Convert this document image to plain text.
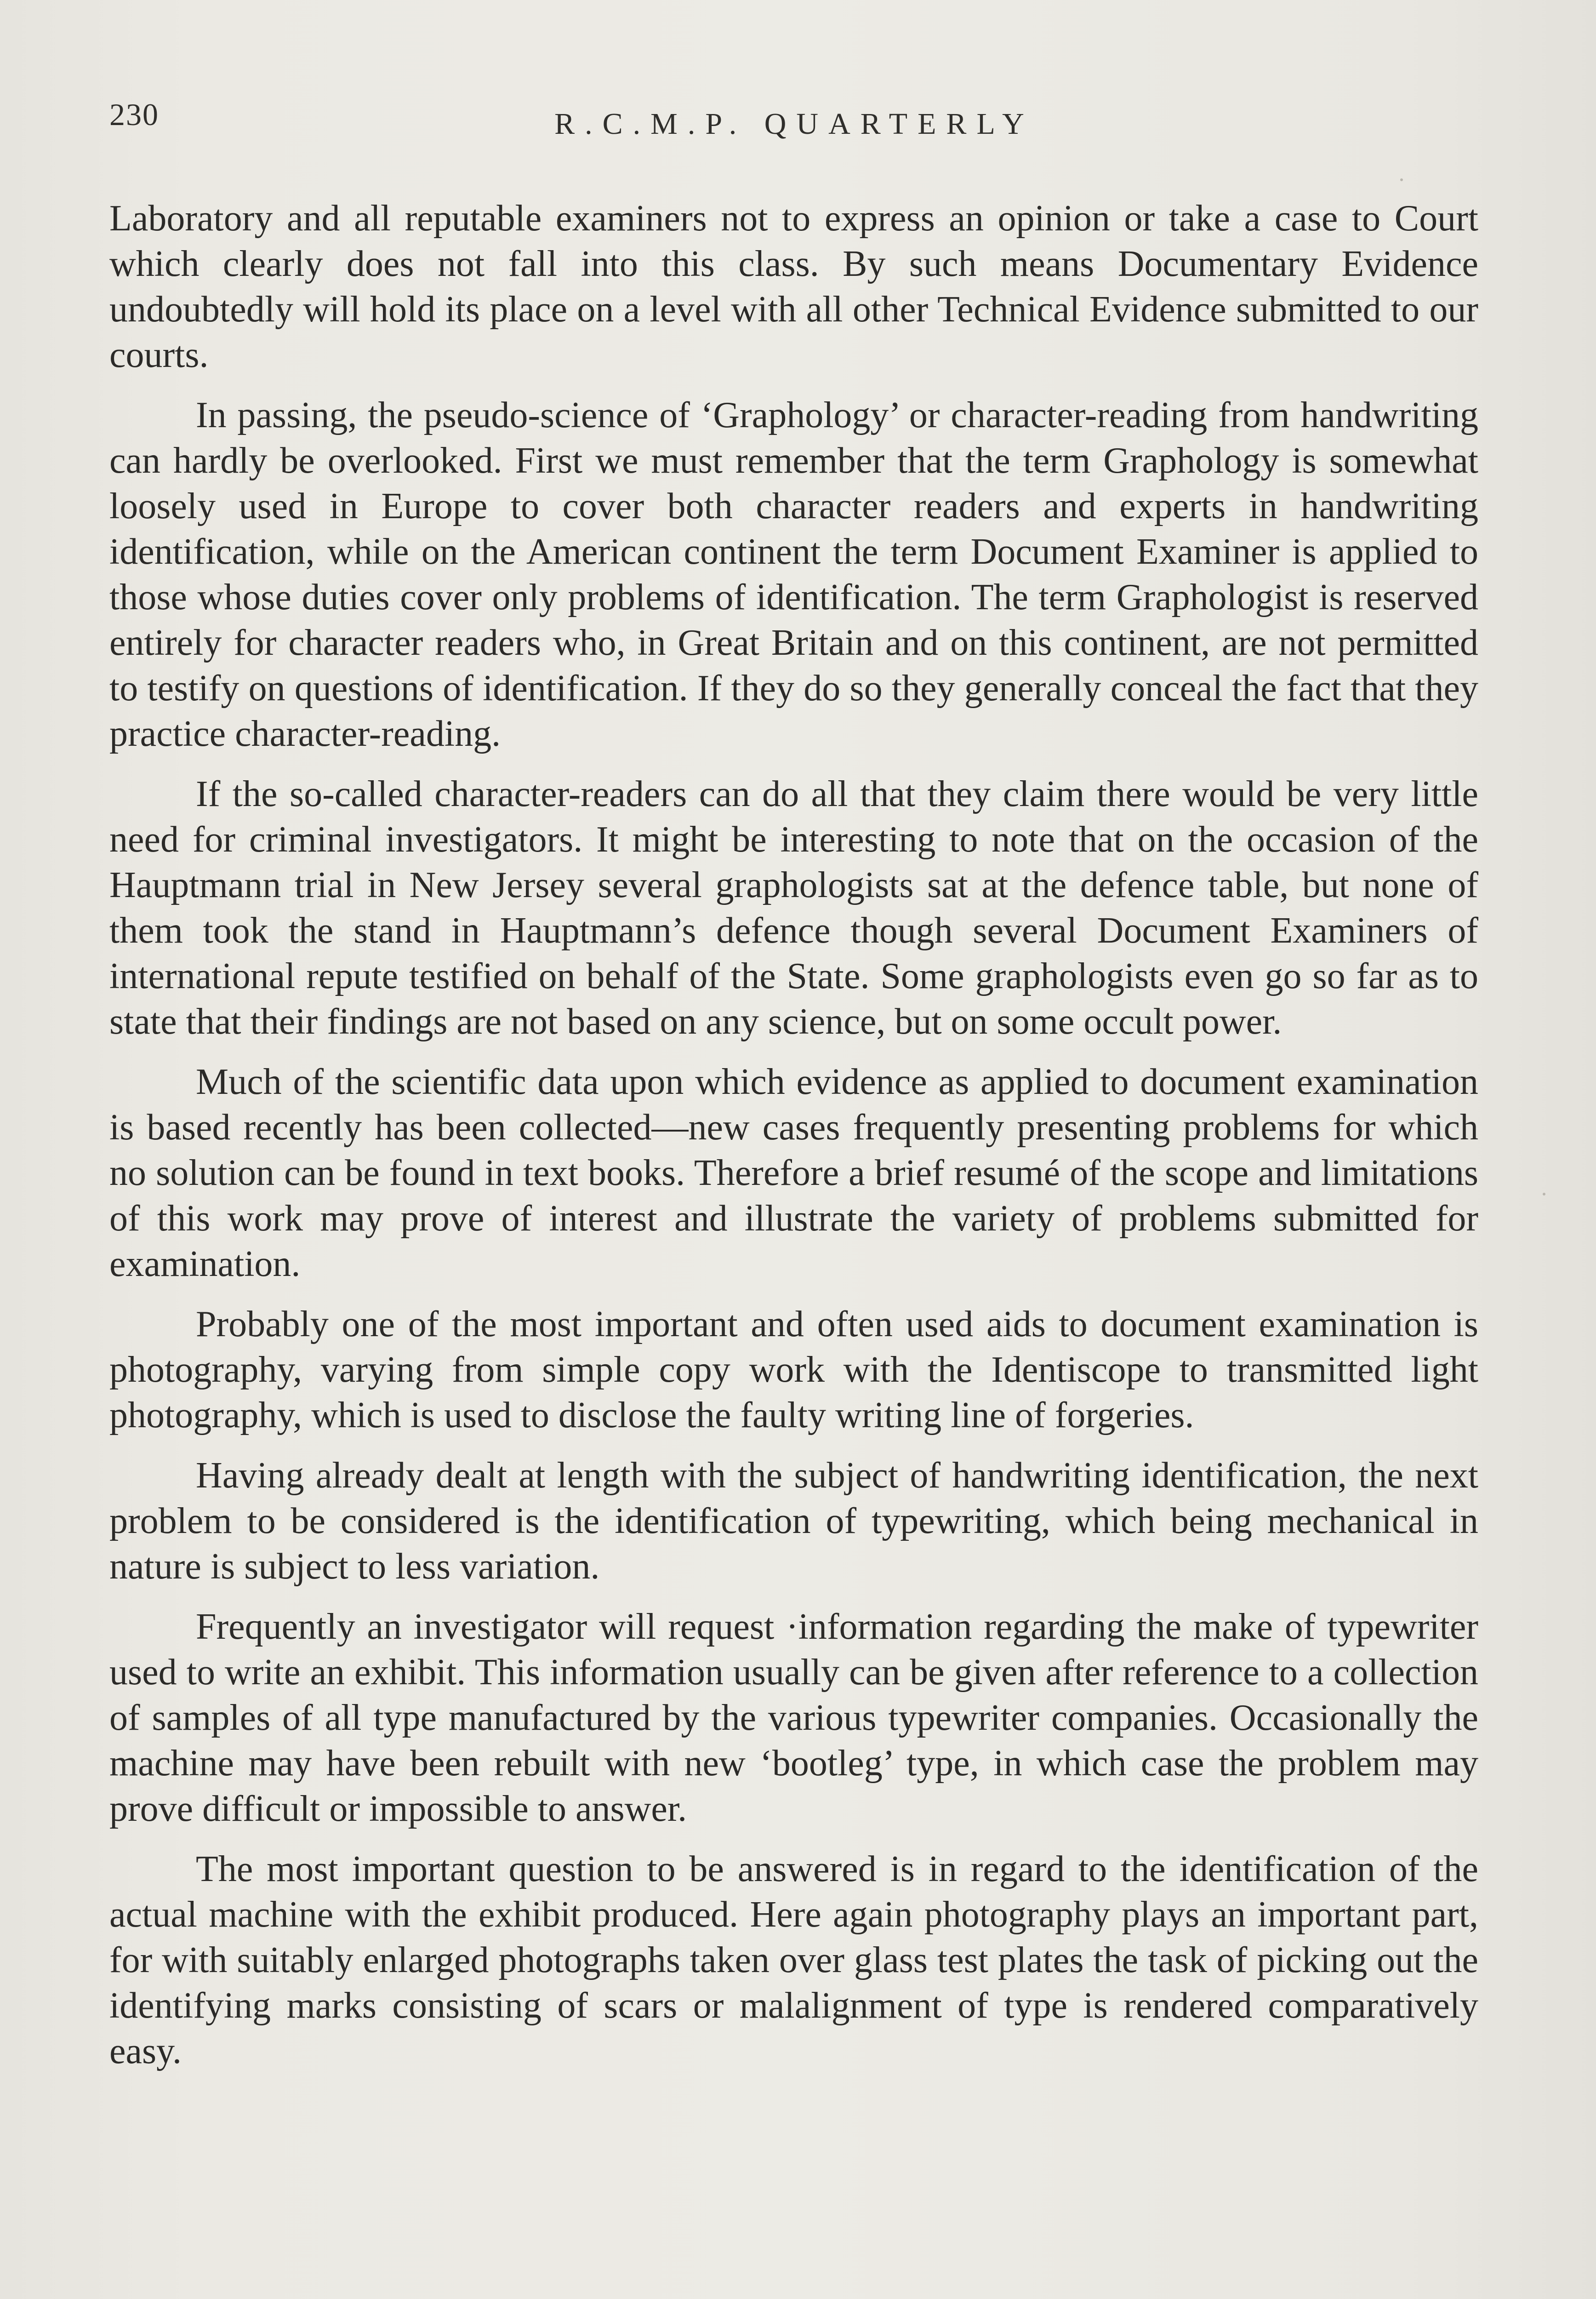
230	R.C.M.P. QUARTERLY

Laboratory and all reputable examiners not to express an opinion or take a case to Court which clearly does not fall into this class. By such means Documentary Evidence undoubtedly will hold its place on a level with all other Technical Evidence submitted to our courts.

In passing, the pseudo-science of ‘Graphology’ or character-reading from handwriting can hardly be overlooked. First we must remember that the term Graphology is somewhat loosely used in Europe to cover both character readers and experts in handwriting identification, while on the American continent the term Document Examiner is applied to those whose duties cover only problems of identification. The term Graphologist is reserved entirely for character readers who, in Great Britain and on this continent, are not permitted to testify on questions of identification. If they do so they generally conceal the fact that they practice character-reading.

If the so-called character-readers can do all that they claim there would be very little need for criminal investigators. It might be interesting to note that on the occasion of the Hauptmann trial in New Jersey several graphologists sat at the defence table, but none of them took the stand in Hauptmann’s defence though several Document Examiners of international repute testified on behalf of the State. Some graphologists even go so far as to state that their findings are not based on any science, but on some occult power.

Much of the scientific data upon which evidence as applied to document examination is based recently has been collected—new cases frequently presenting problems for which no solution can be found in text books. Therefore a brief resumé of the scope and limitations of this work may prove of interest and illustrate the variety of problems submitted for examination.

Probably one of the most important and often used aids to document examination is photography, varying from simple copy work with the Identiscope to transmitted light photography, which is used to disclose the faulty writing line of forgeries.

Having already dealt at length with the subject of handwriting identification, the next problem to be considered is the identification of typewriting, which being mechanical in nature is subject to less variation.

Frequently an investigator will request ·information regarding the make of typewriter used to write an exhibit. This information usually can be given after reference to a collection of samples of all type manufactured by the various typewriter companies. Occasionally the machine may have been rebuilt with new ‘bootleg’ type, in which case the problem may prove difficult or impossible to answer.

The most important question to be answered is in regard to the identification of the actual machine with the exhibit produced. Here again photography plays an important part, for with suitably enlarged photographs taken over glass test plates the task of picking out the identifying marks consisting of scars or malalignment of type is rendered comparatively easy.
